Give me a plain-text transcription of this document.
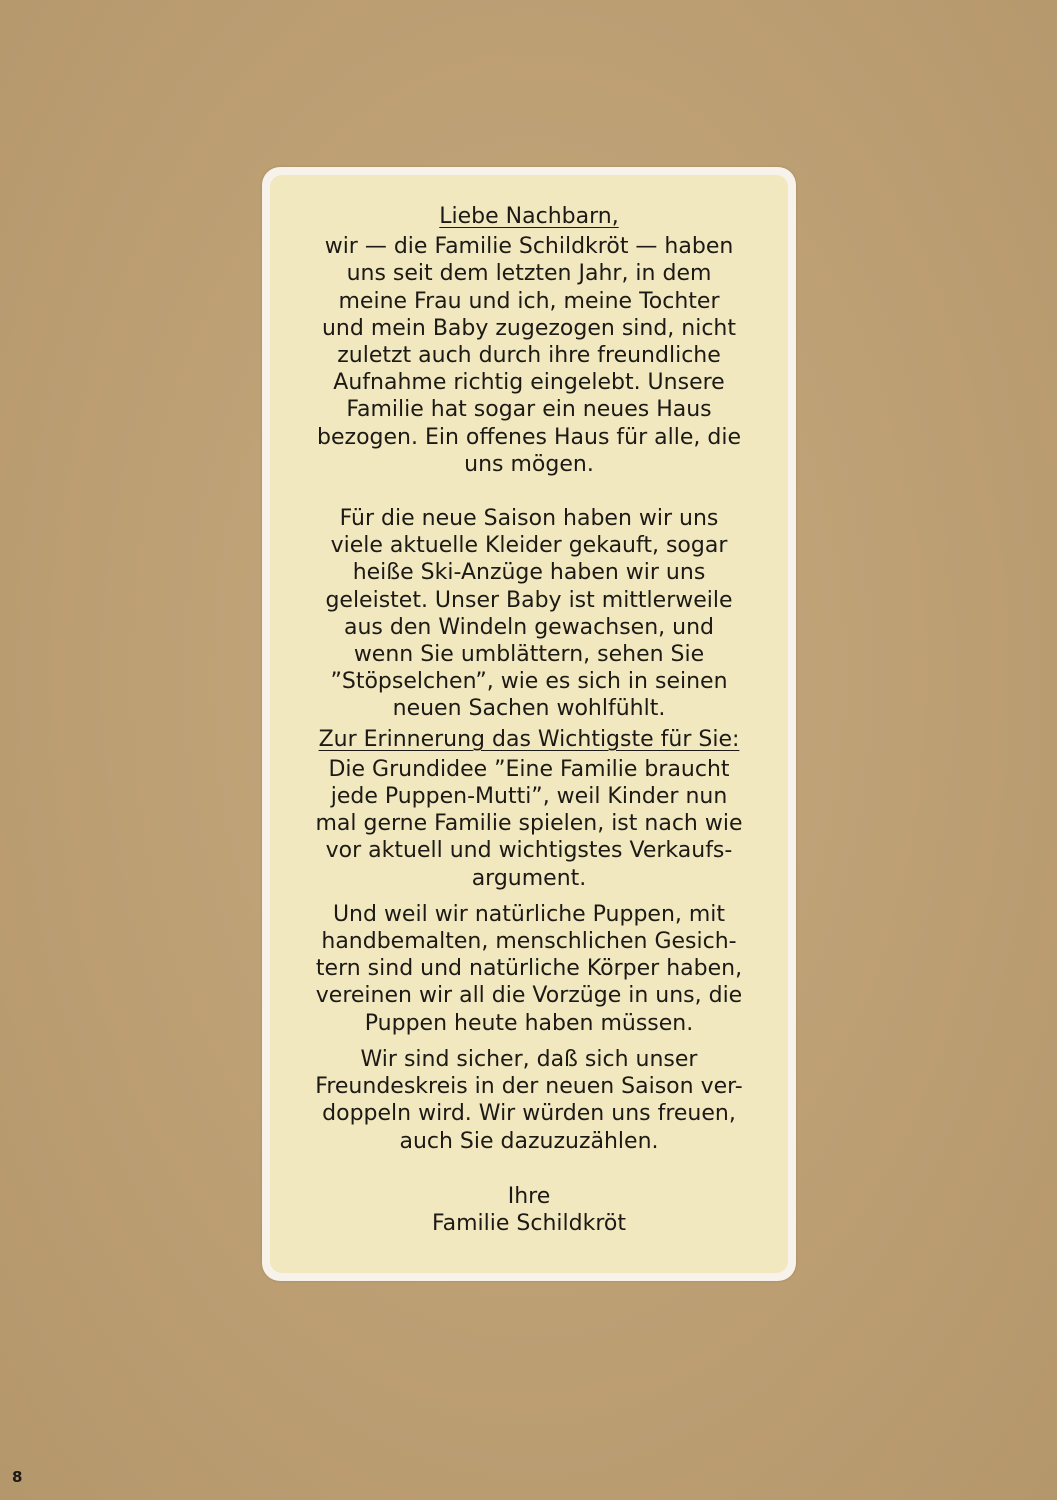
Liebe Nachbarn,

wir — die Familie Schildkröt — haben
uns seit dem letzten Jahr, in dem
meine Frau und ich, meine Tochter
und mein Baby zugezogen sind, nicht
zuletzt auch durch ihre freundliche
Aufnahme richtig eingelebt. Unsere
Familie hat sogar ein neues Haus
bezogen. Ein offenes Haus für alle, die
uns mögen.

Für die neue Saison haben wir uns
viele aktuelle Kleider gekauft, sogar
heiße Ski-Anzüge haben wir uns
geleistet. Unser Baby ist mittlerweile
aus den Windeln gewachsen, und
wenn Sie umblättern, sehen Sie
”Stöpselchen”, wie es sich in seinen
neuen Sachen wohlfühlt.

Zur Erinnerung das Wichtigste für Sie:

Die Grundidee ”Eine Familie braucht
jede Puppen-Mutti”, weil Kinder nun
mal gerne Familie spielen, ist nach wie
vor aktuell und wichtigstes Verkaufs-
argument.

Und weil wir natürliche Puppen, mit
handbemalten, menschlichen Gesich-
tern sind und natürliche Körper haben,
vereinen wir all die Vorzüge in uns, die
Puppen heute haben müssen.

Wir sind sicher, daß sich unser
Freundeskreis in der neuen Saison ver-
doppeln wird. Wir würden uns freuen,
auch Sie dazuzuzählen.

Ihre
Familie Schildkröt

8
